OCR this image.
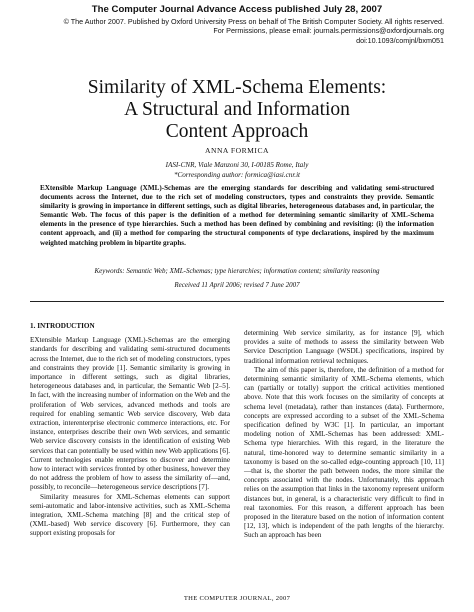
The Computer Journal Advance Access published July 28, 2007
© The Author 2007. Published by Oxford University Press on behalf of The British Computer Society. All rights reserved.
For Permissions, please email: journals.permissions@oxfordjournals.org
doi:10.1093/comjnl/bxm051
Similarity of XML-Schema Elements:
A Structural and Information
Content Approach
ANNA FORMICA
IASI-CNR, Viale Manzoni 30, I-00185 Rome, Italy
*Corresponding author: formica@iasi.cnr.it
EXtensible Markup Language (XML)-Schemas are the emerging standards for describing and validating semi-structured documents across the Internet, due to the rich set of modeling constructors, types and constraints they provide. Semantic similarity is growing in importance in different settings, such as digital libraries, heterogeneous databases and, in particular, the Semantic Web. The focus of this paper is the definition of a method for determining semantic similarity of XML-Schema elements in the presence of type hierarchies. Such a method has been defined by combining and revisiting: (i) the information content approach, and (ii) a method for comparing the structural components of type declarations, inspired by the maximum weighted matching problem in bipartite graphs.
Keywords: Semantic Web; XML-Schemas; type hierarchies; information content; similarity reasoning
Received 11 April 2006; revised 7 June 2007
1. INTRODUCTION

EXtensible Markup Language (XML)-Schemas are the emerging standards for describing and validating semi-structured documents across the Internet, due to the rich set of modeling constructors, types and constraints they provide [1]. Semantic similarity is growing in importance in different settings, such as digital libraries, heterogeneous databases and, in particular, the Semantic Web [2–5]. In fact, with the increasing number of information on the Web and the proliferation of Web services, advanced methods and tools are required for enabling semantic Web service discovery, Web data extraction, interenterprise electronic commerce interactions, etc. For instance, enterprises describe their own Web services, and semantic Web service discovery consists in the identification of existing Web services that can potentially be used within new Web applications [6]. Current technologies enable enterprises to discover and determine how to interact with services fronted by other business, however they do not address the problem of how to assess the similarity of—and, possibly, to reconcile—heterogeneous service descriptions [7].

Similarity measures for XML-Schemas elements can support semi-automatic and labor-intensive activities, such as XML-Schema integration, XML-Schema matching [8] and the critical step of (XML-based) Web service discovery [6]. Furthermore, they can support existing proposals for

determining Web service similarity, as for instance [9], which provides a suite of methods to assess the similarity between Web Service Description Language (WSDL) specifications, inspired by traditional information retrieval techniques.

The aim of this paper is, therefore, the definition of a method for determining semantic similarity of XML-Schema elements, which can (partially or totally) support the critical activities mentioned above. Note that this work focuses on the similarity of concepts at schema level (metadata), rather than instances (data). Furthermore, concepts are expressed according to a subset of the XML-Schema specification defined by W3C [1]. In particular, an important modeling notion of XML-Schemas has been addressed: XML-Schema type hierarchies. With this regard, in the literature the natural, time-honored way to determine semantic similarity in a taxonomy is based on the so-called edge-counting approach [10, 11]—that is, the shorter the path between nodes, the more similar the concepts associated with the nodes. Unfortunately, this approach relies on the assumption that links in the taxonomy represent uniform distances but, in general, is a characteristic very difficult to find in real taxonomies. For this reason, a different approach has been proposed in the literature based on the notion of information content [12, 13], which is independent of the path lengths of the hierarchy. Such an approach has been

THE COMPUTER JOURNAL, 2007
